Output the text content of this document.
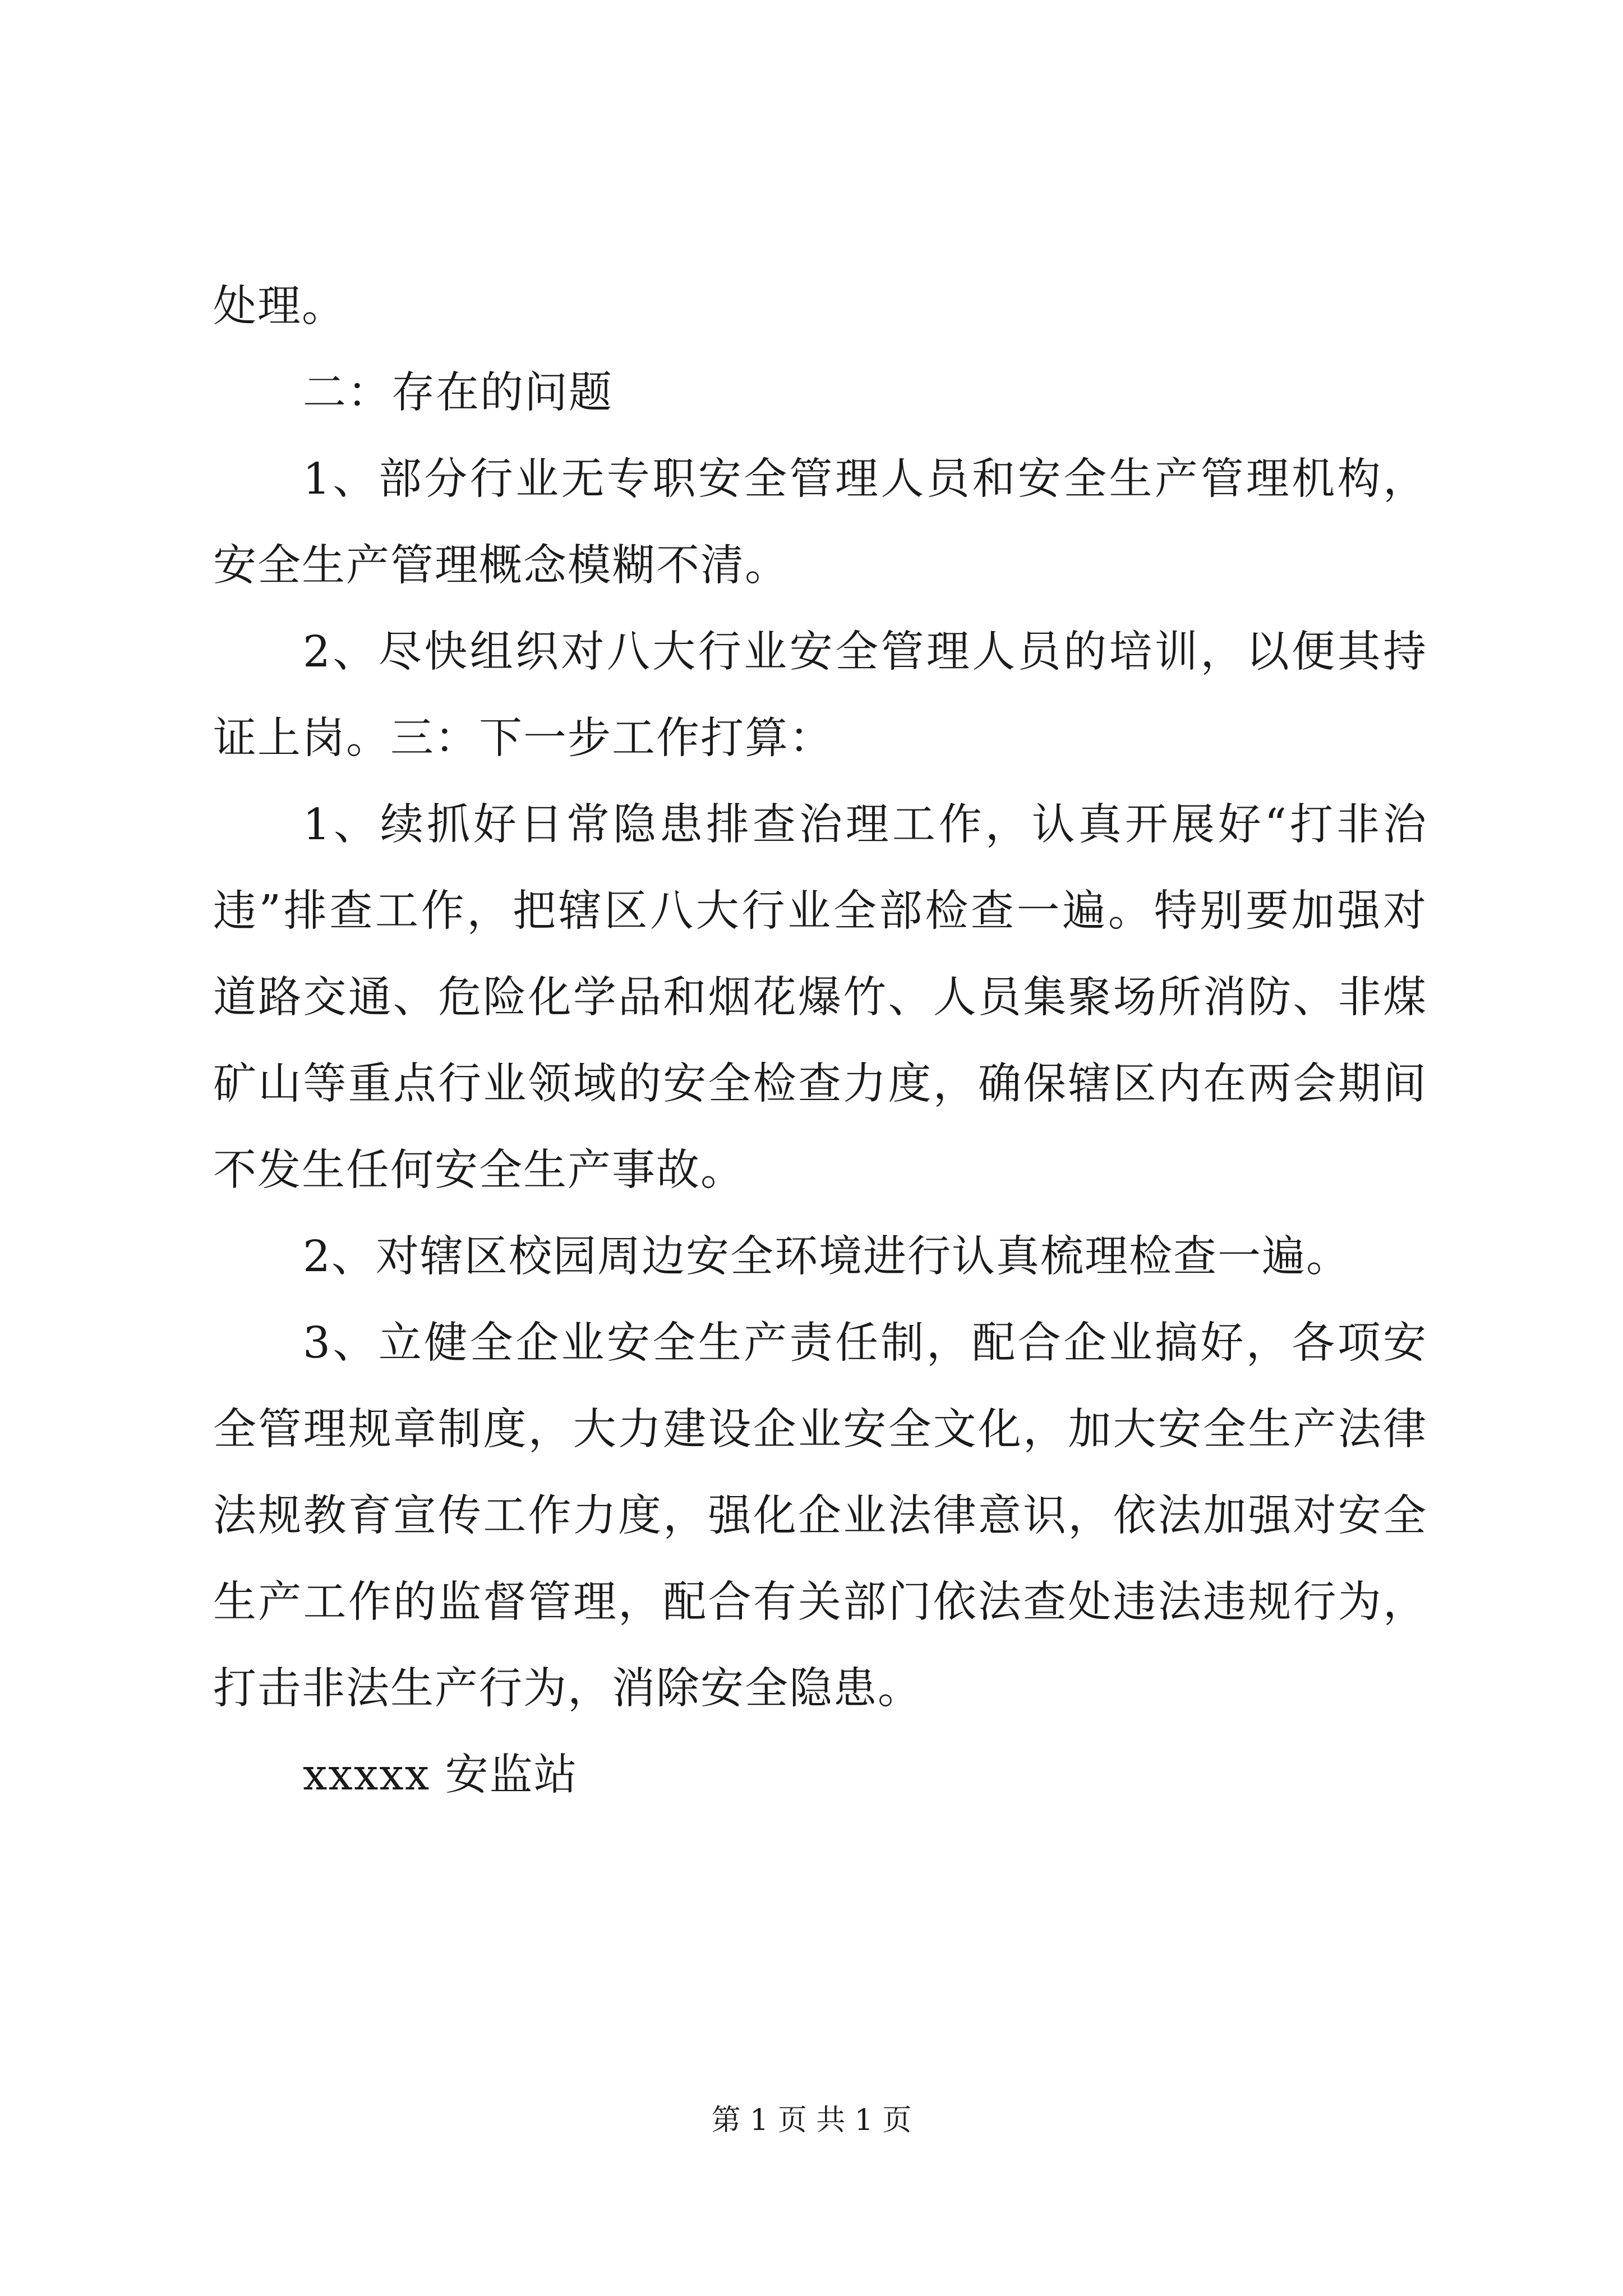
处理。

二：存在的问题

1、部分行业无专职安全管理人员和安全生产管理机构，安全生产管理概念模糊不清。

2、尽快组织对八大行业安全管理人员的培训，以便其持证上岗。三：下一步工作打算：

1、续抓好日常隐患排查治理工作，认真开展好“打非治违”排查工作，把辖区八大行业全部检查一遍。特别要加强对道路交通、危险化学品和烟花爆竹、人员集聚场所消防、非煤矿山等重点行业领域的安全检查力度，确保辖区内在两会期间不发生任何安全生产事故。

2、对辖区校园周边安全环境进行认真梳理检查一遍。

3、立健全企业安全生产责任制，配合企业搞好，各项安全管理规章制度，大力建设企业安全文化，加大安全生产法律法规教育宣传工作力度，强化企业法律意识，依法加强对安全生产工作的监督管理，配合有关部门依法查处违法违规行为，打击非法生产行为，消除安全隐患。

xxxxx 安监站

第 1 页 共 1 页
